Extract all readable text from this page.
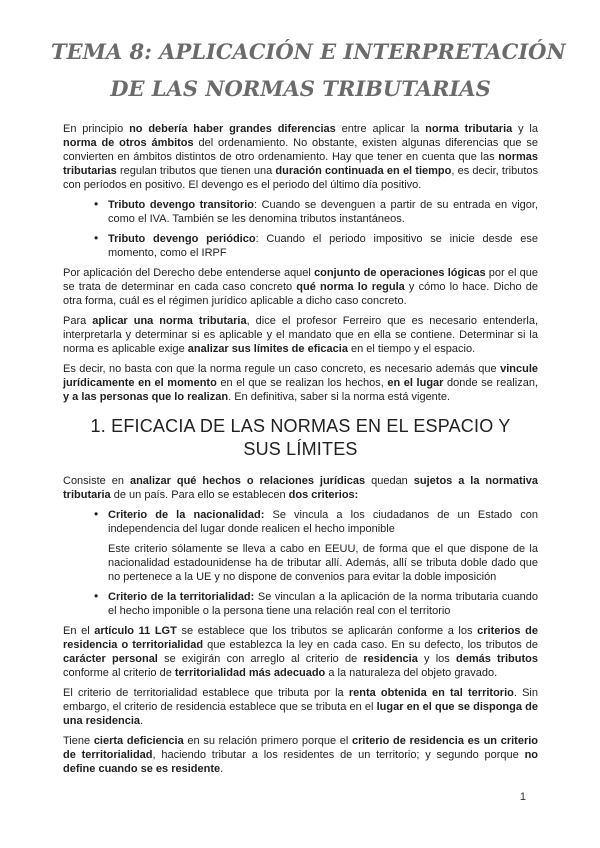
TEMA 8: APLICACIÓN E INTERPRETACIÓN
DE LAS NORMAS TRIBUTARIAS
En principio no debería haber grandes diferencias entre aplicar la norma tributaria y la norma de otros ámbitos del ordenamiento. No obstante, existen algunas diferencias que se convierten en ámbitos distintos de otro ordenamiento. Hay que tener en cuenta que las normas tributarias regulan tributos que tienen una duración continuada en el tiempo, es decir, tributos con períodos en positivo. El devengo es el periodo del último día positivo.
• Tributo devengo transitorio: Cuando se devenguen a partir de su entrada en vigor, como el IVA. También se les denomina tributos instantáneos.
• Tributo devengo periódico: Cuando el periodo impositivo se inicie desde ese momento, como el IRPF
Por aplicación del Derecho debe entenderse aquel conjunto de operaciones lógicas por el que se trata de determinar en cada caso concreto qué norma lo regula y cómo lo hace. Dicho de otra forma, cuál es el régimen jurídico aplicable a dicho caso concreto.
Para aplicar una norma tributaria, dice el profesor Ferreiro que es necesario entenderla, interpretarla y determinar si es aplicable y el mandato que en ella se contiene. Determinar si la norma es aplicable exige analizar sus límites de eficacia en el tiempo y el espacio.
Es decir, no basta con que la norma regule un caso concreto, es necesario además que vincule jurídicamente en el momento en el que se realizan los hechos, en el lugar donde se realizan, y a las personas que lo realizan. En definitiva, saber si la norma está vigente.
1. EFICACIA DE LAS NORMAS EN EL ESPACIO Y
SUS LÍMITES
Consiste en analizar qué hechos o relaciones jurídicas quedan sujetos a la normativa tributaria de un país. Para ello se establecen dos criterios:
• Criterio de la nacionalidad: Se vincula a los ciudadanos de un Estado con independencia del lugar donde realicen el hecho imponible
Este criterio sólamente se lleva a cabo en EEUU, de forma que el que dispone de la nacionalidad estadounidense ha de tributar allí. Además, allí se tributa doble dado que no pertenece a la UE y no dispone de convenios para evitar la doble imposición
• Criterio de la territorialidad: Se vinculan a la aplicación de la norma tributaria cuando el hecho imponible o la persona tiene una relación real con el territorio
En el artículo 11 LGT se establece que los tributos se aplicarán conforme a los criterios de residencia o territorialidad que establezca la ley en cada caso. En su defecto, los tributos de carácter personal se exigirán con arreglo al criterio de residencia y los demás tributos conforme al criterio de territorialidad más adecuado a la naturaleza del objeto gravado.
El criterio de territorialidad establece que tributa por la renta obtenida en tal territorio. Sin embargo, el criterio de residencia establece que se tributa en el lugar en el que se disponga de una residencia.
Tiene cierta deficiencia en su relación primero porque el criterio de residencia es un criterio de territorialidad, haciendo tributar a los residentes de un territorio; y segundo porque no define cuando se es residente.
1
